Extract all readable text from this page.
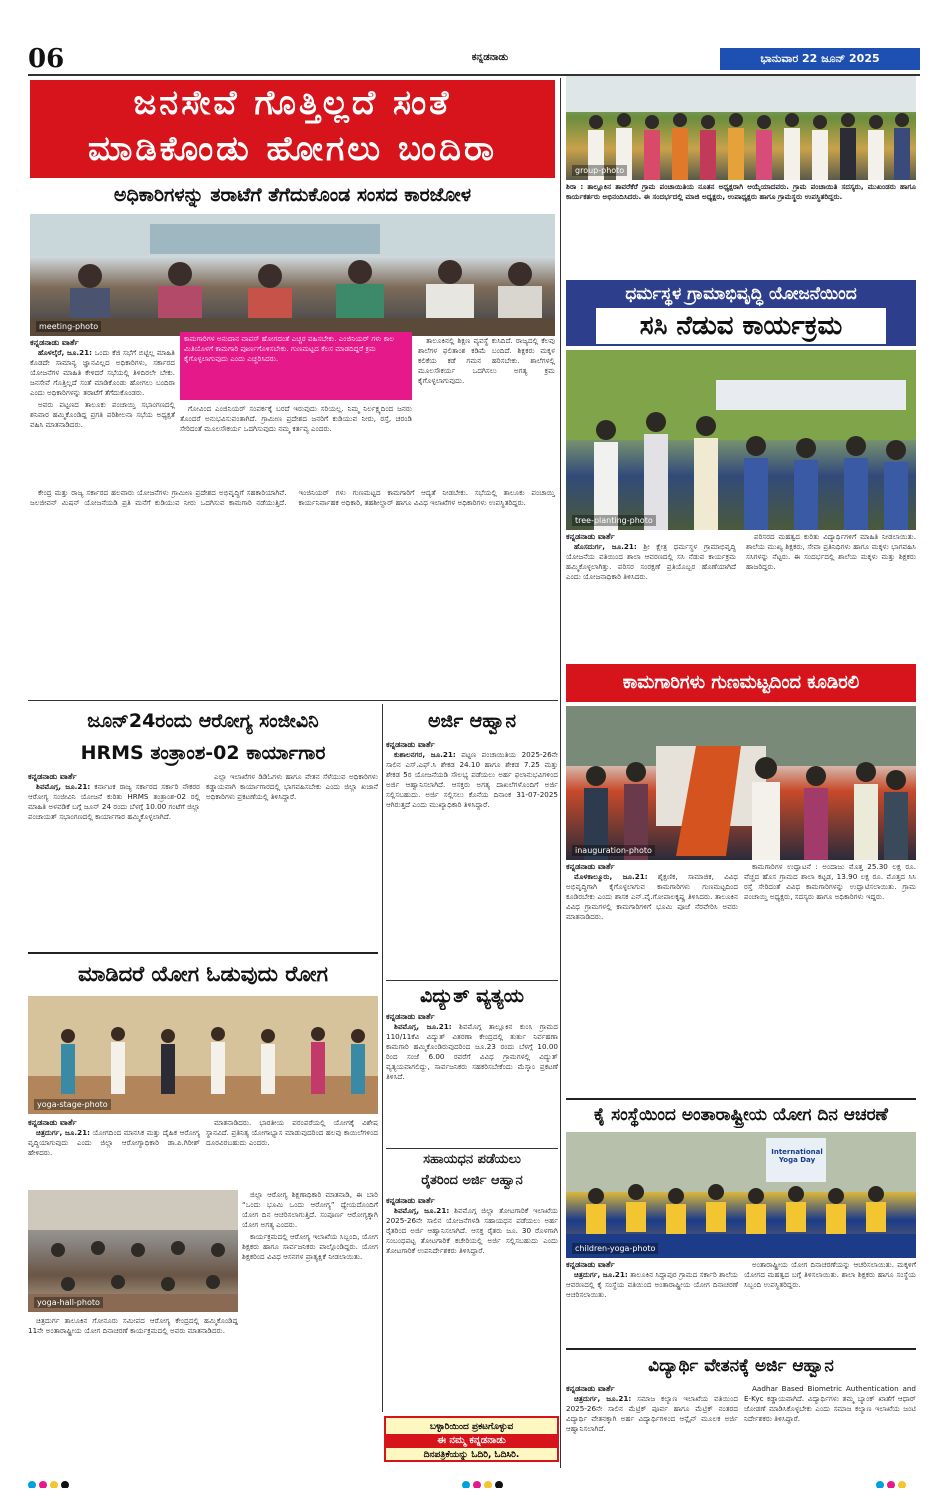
06	ಕನ್ನಡನಾಡು	ಭಾನುವಾರ 22 ಜೂನ್ 2025
ಜನಸೇವೆ ಗೊತ್ತಿಲ್ಲದೆ ಸಂತೆ
ಮಾಡಿಕೊಂಡು ಹೋಗಲು ಬಂದಿರಾ
ಅಧಿಕಾರಿಗಳನ್ನು ತರಾಟೆಗೆ ತೆಗೆದುಕೊಂಡ ಸಂಸದ ಕಾರಜೋಳ
meeting-photo
ಕನ್ನಡನಾಡು ವಾರ್ತೆ

ಹೊಳಲ್ಕೆರೆ, ಜೂ.21: ಒಂದು ಕೆಜಿ ಸಭೆಗೆ ಬಿಟ್ಟಿಲ್ಲ ಮಾಹಿತಿ ಕೊಡದೇ ಸಾಮಾನ್ಯ ಜ್ಞಾನವಿಲ್ಲದ ಅಧಿಕಾರಿಗಳು, ಸರ್ಕಾರದ ಯೋಜನೆಗಳ ಮಾಹಿತಿ ಕೇಳಿದರೆ ಸಭೆಯಲ್ಲಿ ತಿಳಿದಿರಲೇ ಬೇಕು. ಜನಸೇವೆ ಗೊತ್ತಿಲ್ಲದೆ ಸಂತೆ ಮಾಡಿಕೊಂಡು ಹೋಗಲು ಬಂದಿರಾ ಎಂದು ಅಧಿಕಾರಿಗಳನ್ನು ತರಾಟೆಗೆ ತೆಗೆದುಕೊಂಡರು.

ಅವರು ಪಟ್ಟಣದ ತಾಲೂಕು ಪಂಚಾಯ್ತಿ ಸಭಾಂಗಣದಲ್ಲಿ ಶನಿವಾರ ಹಮ್ಮಿಕೊಂಡಿದ್ದ ಪ್ರಗತಿ ಪರಿಶೀಲನಾ ಸಭೆಯ ಅಧ್ಯಕ್ಷತೆ ವಹಿಸಿ ಮಾತನಾಡಿದರು.

ಕಾಮಗಾರಿಗಳ ಅನುದಾನ ವಾಪಸ್ ಹೋಗದಂತೆ ಎಚ್ಚರ ವಹಿಸಬೇಕು. ಎಂಜಿನಿಯರ್ ಗಳು ಕಾಲ ಮಿತಿಯೊಳಗೆ ಕಾಮಗಾರಿ ಪೂರ್ಣಗೊಳಿಸಬೇಕು. ಗುಣಮಟ್ಟದ ಕೆಲಸ ಮಾಡದಿದ್ದರೆ ಕ್ರಮ ಕೈಗೊಳ್ಳಲಾಗುವುದು ಎಂದು ಎಚ್ಚರಿಸಿದರು.

ಗೋವಿಂದ ಎಂಜಿನಿಯರ್ ಸಂಪರ್ಕಕ್ಕೆ ಬರದೆ ಇರುವುದು ಸರಿಯಲ್ಲ. ನಿಮ್ಮ ನಿರ್ಲಕ್ಷ್ಯದಿಂದ ಜನರು ತೊಂದರೆ ಅನುಭವಿಸುವಂತಾಗಿದೆ. ಗ್ರಾಮೀಣ ಪ್ರದೇಶದ ಜನರಿಗೆ ಕುಡಿಯುವ ನೀರು, ರಸ್ತೆ, ಚರಂಡಿ ಸೇರಿದಂತೆ ಮೂಲಸೌಕರ್ಯ ಒದಗಿಸುವುದು ನಮ್ಮ ಕರ್ತವ್ಯ ಎಂದರು.

ತಾಲೂಕಿನಲ್ಲಿ ಶಿಕ್ಷಣ ವ್ಯವಸ್ಥೆ ಕುಸಿದಿದೆ. ರಾಜ್ಯದಲ್ಲಿ ಕೆಲವು ಶಾಲೆಗಳ ಫಲಿತಾಂಶ ಕಡಿಮೆ ಬಂದಿದೆ. ಶಿಕ್ಷಕರು ಮಕ್ಕಳ ಕಲಿಕೆಯ ಕಡೆ ಗಮನ ಹರಿಸಬೇಕು. ಶಾಲೆಗಳಲ್ಲಿ ಮೂಲಸೌಕರ್ಯ ಒದಗಿಸಲು ಅಗತ್ಯ ಕ್ರಮ ಕೈಗೊಳ್ಳಲಾಗುವುದು.

ಕೇಂದ್ರ ಮತ್ತು ರಾಜ್ಯ ಸರ್ಕಾರದ ಹಲವಾರು ಯೋಜನೆಗಳು ಗ್ರಾಮೀಣ ಪ್ರದೇಶದ ಅಭಿವೃದ್ಧಿಗೆ ಸಹಕಾರಿಯಾಗಿವೆ. ಜಲಜೀವನ್ ಮಿಷನ್ ಯೋಜನೆಯಡಿ ಪ್ರತಿ ಮನೆಗೆ ಕುಡಿಯುವ ನೀರು ಒದಗಿಸುವ ಕಾಮಗಾರಿ ನಡೆಯುತ್ತಿದೆ. ಇಂಜಿನಿಯರ್ ಗಳು ಗುಣಮಟ್ಟದ ಕಾಮಗಾರಿಗೆ ಆದ್ಯತೆ ನೀಡಬೇಕು. ಸಭೆಯಲ್ಲಿ ತಾಲೂಕು ಪಂಚಾಯ್ತಿ ಕಾರ್ಯನಿರ್ವಾಹಕ ಅಧಿಕಾರಿ, ತಹಶೀಲ್ದಾರ್ ಹಾಗೂ ವಿವಿಧ ಇಲಾಖೆಗಳ ಅಧಿಕಾರಿಗಳು ಉಪಸ್ಥಿತರಿದ್ದರು.

group-photo
ಶಿರಾ : ತಾಲ್ಲೂಕಿನ ತಾವರೆಕೆರೆ ಗ್ರಾಮ ಪಂಚಾಯಿತಿಯ ನೂತನ ಅಧ್ಯಕ್ಷರಾಗಿ ಆಯ್ಕೆಯಾದವರು. ಗ್ರಾಮ ಪಂಚಾಯಿತಿ ಸದಸ್ಯರು, ಮುಖಂಡರು ಹಾಗೂ ಕಾರ್ಯಕರ್ತರು ಅಭಿನಂದಿಸಿದರು. ಈ ಸಂದರ್ಭದಲ್ಲಿ ಮಾಜಿ ಅಧ್ಯಕ್ಷರು, ಉಪಾಧ್ಯಕ್ಷರು ಹಾಗೂ ಗ್ರಾಮಸ್ಥರು ಉಪಸ್ಥಿತರಿದ್ದರು.
ಧರ್ಮಸ್ಥಳ ಗ್ರಾಮಾಭಿವೃದ್ಧಿ ಯೋಜನೆಯಿಂದ
ಸಸಿ ನೆಡುವ ಕಾರ್ಯಕ್ರಮ
tree-planting-photo
ಕನ್ನಡನಾಡು ವಾರ್ತೆ

ಹೊಸದುರ್ಗ, ಜೂ.21: ಶ್ರೀ ಕ್ಷೇತ್ರ ಧರ್ಮಸ್ಥಳ ಗ್ರಾಮಾಭಿವೃದ್ಧಿ ಯೋಜನೆಯ ವತಿಯಿಂದ ಶಾಲಾ ಆವರಣದಲ್ಲಿ ಸಸಿ ನೆಡುವ ಕಾರ್ಯಕ್ರಮ ಹಮ್ಮಿಕೊಳ್ಳಲಾಗಿತ್ತು. ಪರಿಸರ ಸಂರಕ್ಷಣೆ ಪ್ರತಿಯೊಬ್ಬರ ಹೊಣೆಯಾಗಿದೆ ಎಂದು ಯೋಜನಾಧಿಕಾರಿ ತಿಳಿಸಿದರು.

ಪರಿಸರದ ಮಹತ್ವದ ಕುರಿತು ವಿದ್ಯಾರ್ಥಿಗಳಿಗೆ ಮಾಹಿತಿ ನೀಡಲಾಯಿತು. ಶಾಲೆಯ ಮುಖ್ಯ ಶಿಕ್ಷಕರು, ಸೇವಾ ಪ್ರತಿನಿಧಿಗಳು ಹಾಗೂ ಮಕ್ಕಳು ಭಾಗವಹಿಸಿ ಸಸಿಗಳನ್ನು ನೆಟ್ಟರು. ಈ ಸಂದರ್ಭದಲ್ಲಿ ಶಾಲೆಯ ಮಕ್ಕಳು ಮತ್ತು ಶಿಕ್ಷಕರು ಹಾಜರಿದ್ದರು.

ಕಾಮಗಾರಿಗಳು ಗುಣಮಟ್ಟದಿಂದ ಕೂಡಿರಲಿ
inauguration-photo
ಕನ್ನಡನಾಡು ವಾರ್ತೆ

ಮೊಳಕಾಲ್ಮೂರು, ಜೂ.21: ಶೈಕ್ಷಣಿಕ, ಸಾಮಾಜಿಕ, ವಿವಿಧ ಅಭಿವೃದ್ಧಿಗಾಗಿ ಕೈಗೊಳ್ಳಲಾಗುವ ಕಾಮಗಾರಿಗಳು ಗುಣಮಟ್ಟದಿಂದ ಕೂಡಿರಬೇಕು ಎಂದು ಶಾಸಕ ಎನ್.ವೈ.ಗೋಪಾಲಕೃಷ್ಣ ತಿಳಿಸಿದರು. ತಾಲೂಕಿನ ವಿವಿಧ ಗ್ರಾಮಗಳಲ್ಲಿ ಕಾಮಗಾರಿಗಳಿಗೆ ಭೂಮಿ ಪೂಜೆ ನೆರವೇರಿಸಿ ಅವರು ಮಾತನಾಡಿದರು.

ಕಾಮಗಾರಿಗಳ ಉದ್ಘಾಟನೆ : ಅಂದಾಜು ಮೊತ್ತ 25.30 ಲಕ್ಷ ರೂ. ವೆಚ್ಚದ ಹೊಸ ಗ್ರಾಮದ ಶಾಲಾ ಕಟ್ಟಡ, 13.90 ಲಕ್ಷ ರೂ. ಮೊತ್ತದ ಸಿಸಿ ರಸ್ತೆ ಸೇರಿದಂತೆ ವಿವಿಧ ಕಾಮಗಾರಿಗಳನ್ನು ಉದ್ಘಾಟಿಸಲಾಯಿತು. ಗ್ರಾಮ ಪಂಚಾಯ್ತಿ ಅಧ್ಯಕ್ಷರು, ಸದಸ್ಯರು ಹಾಗೂ ಅಧಿಕಾರಿಗಳು ಇದ್ದರು.

ಜೂನ್24ರಂದು ಆರೋಗ್ಯ ಸಂಜೀವಿನಿ
HRMS ತಂತ್ರಾಂಶ-02 ಕಾರ್ಯಾಗಾರ
ಕನ್ನಡನಾಡು ವಾರ್ತೆ

ಶಿವಮೊಗ್ಗ, ಜೂ.21: ಕರ್ನಾಟಕ ರಾಜ್ಯ ಸರ್ಕಾರದ ಸರ್ಕಾರಿ ನೌಕರರ ಆರೋಗ್ಯ ಸಂಜೀವಿನಿ ಯೋಜನೆ ಕುರಿತು HRMS ತಂತ್ರಾಂಶ-02 ರಲ್ಲಿ ಮಾಹಿತಿ ಅಳವಡಿಕೆ ಬಗ್ಗೆ ಜೂನ್ 24 ರಂದು ಬೆಳಗ್ಗೆ 10.00 ಗಂಟೆಗೆ ಜಿಲ್ಲಾ ಪಂಚಾಯತ್ ಸಭಾಂಗಣದಲ್ಲಿ ಕಾರ್ಯಾಗಾರ ಹಮ್ಮಿಕೊಳ್ಳಲಾಗಿದೆ.

ಎಲ್ಲಾ ಇಲಾಖೆಗಳ ಡಿಡಿಓಗಳು ಹಾಗೂ ವೇತನ ಸೆಳೆಯುವ ಅಧಿಕಾರಿಗಳು ಕಡ್ಡಾಯವಾಗಿ ಕಾರ್ಯಾಗಾರದಲ್ಲಿ ಭಾಗವಹಿಸಬೇಕು ಎಂದು ಜಿಲ್ಲಾ ಖಜಾನೆ ಅಧಿಕಾರಿಗಳು ಪ್ರಕಟಣೆಯಲ್ಲಿ ತಿಳಿಸಿದ್ದಾರೆ.

ಅರ್ಜಿ ಆಹ್ವಾನ
ಕನ್ನಡನಾಡು ವಾರ್ತೆ

ಕುಶಾಲನಗರ, ಜೂ.21: ಪಟ್ಟಣ ಪಂಚಾಯಿತಿಯ 2025-26ನೇ ಸಾಲಿನ ಎಸ್.ಎಫ್.ಸಿ ಶೇಕಡ 24.10 ಹಾಗೂ ಶೇಕಡ 7.25 ಮತ್ತು ಶೇಕಡ 5ರ ಯೋಜನೆಯಡಿ ಸೌಲಭ್ಯ ಪಡೆಯಲು ಅರ್ಹ ಫಲಾನುಭವಿಗಳಿಂದ ಅರ್ಜಿ ಆಹ್ವಾನಿಸಲಾಗಿದೆ. ಆಸಕ್ತರು ಅಗತ್ಯ ದಾಖಲೆಗಳೊಂದಿಗೆ ಅರ್ಜಿ ಸಲ್ಲಿಸಬಹುದು. ಅರ್ಜಿ ಸಲ್ಲಿಸಲು ಕೊನೆಯ ದಿನಾಂಕ 31-07-2025 ಆಗಿರುತ್ತದೆ ಎಂದು ಮುಖ್ಯಾಧಿಕಾರಿ ತಿಳಿಸಿದ್ದಾರೆ.

ವಿದ್ಯುತ್ ವ್ಯತ್ಯಯ
ಕನ್ನಡನಾಡು ವಾರ್ತೆ

ಶಿವಮೊಗ್ಗ, ಜೂ.21: ಶಿವಮೊಗ್ಗ ತಾಲ್ಲೂಕಿನ ಕುಂಸಿ ಗ್ರಾಮದ 110/11ಕೆವಿ ವಿದ್ಯುತ್ ವಿತರಣಾ ಕೇಂದ್ರದಲ್ಲಿ ತುರ್ತು ನಿರ್ವಹಣಾ ಕಾಮಗಾರಿ ಹಮ್ಮಿಕೊಂಡಿರುವುದರಿಂದ ಜೂ.23 ರಂದು ಬೆಳಗ್ಗೆ 10.00 ರಿಂದ ಸಂಜೆ 6.00 ರವರೆಗೆ ವಿವಿಧ ಗ್ರಾಮಗಳಲ್ಲಿ ವಿದ್ಯುತ್ ವ್ಯತ್ಯಯವಾಗಲಿದ್ದು, ಸಾರ್ವಜನಿಕರು ಸಹಕರಿಸಬೇಕೆಂದು ಮೆಸ್ಕಾಂ ಪ್ರಕಟಣೆ ತಿಳಿಸಿದೆ.

ಸಹಾಯಧನ ಪಡೆಯಲು
ರೈತರಿಂದ ಅರ್ಜಿ ಆಹ್ವಾನ
ಕನ್ನಡನಾಡು ವಾರ್ತೆ

ಶಿವಮೊಗ್ಗ, ಜೂ.21: ಶಿವಮೊಗ್ಗ ಜಿಲ್ಲಾ ತೋಟಗಾರಿಕೆ ಇಲಾಖೆಯ 2025-26ನೇ ಸಾಲಿನ ಯೋಜನೆಗಳಡಿ ಸಹಾಯಧನ ಪಡೆಯಲು ಅರ್ಹ ರೈತರಿಂದ ಅರ್ಜಿ ಆಹ್ವಾನಿಸಲಾಗಿದೆ. ಆಸಕ್ತ ರೈತರು ಜೂ. 30 ರೊಳಗಾಗಿ ಸಂಬಂಧಪಟ್ಟ ತೋಟಗಾರಿಕೆ ಕಚೇರಿಯಲ್ಲಿ ಅರ್ಜಿ ಸಲ್ಲಿಸಬಹುದು ಎಂದು ತೋಟಗಾರಿಕೆ ಉಪನಿರ್ದೇಶಕರು ತಿಳಿಸಿದ್ದಾರೆ.

ಬಳ್ಳಾರಿಯಿಂದ ಪ್ರಕಟಗೊಳ್ಳುವ
ಈ ನಮ್ಮ ಕನ್ನಡನಾಡು
ದಿನಪತ್ರಿಕೆಯನ್ನು ಓದಿರಿ, ಓದಿಸಿರಿ.
ಮಾಡಿದರೆ ಯೋಗ ಓಡುವುದು ರೋಗ
yoga-stage-photo
ಕನ್ನಡನಾಡು ವಾರ್ತೆ

ಚಿತ್ರದುರ್ಗ, ಜೂ.21: ಯೋಗದಿಂದ ಮಾನಸಿಕ ಮತ್ತು ದೈಹಿಕ ಆರೋಗ್ಯ ವೃದ್ಧಿಯಾಗುವುದು ಎಂದು ಜಿಲ್ಲಾ ಆರೋಗ್ಯಾಧಿಕಾರಿ ಡಾ.ಪಿ.ಗಿರೀಶ್ ಹೇಳಿದರು.

ಮಾತನಾಡಿದರು. ಭಾರತೀಯ ಪರಂಪರೆಯಲ್ಲಿ ಯೋಗಕ್ಕೆ ವಿಶೇಷ ಸ್ಥಾನವಿದೆ. ಪ್ರತಿನಿತ್ಯ ಯೋಗಾಭ್ಯಾಸ ಮಾಡುವುದರಿಂದ ಹಲವು ಕಾಯಿಲೆಗಳಿಂದ ದೂರವಿರಬಹುದು ಎಂದರು.

yoga-hall-photo

ಜಿಲ್ಲಾ ಆರೋಗ್ಯ ಶಿಕ್ಷಣಾಧಿಕಾರಿ ಮಾತನಾಡಿ, ಈ ಬಾರಿ “ಒಂದು ಭೂಮಿ ಒಂದು ಆರೋಗ್ಯ” ಧ್ಯೇಯದೊಂದಿಗೆ ಯೋಗ ದಿನ ಆಚರಿಸಲಾಗುತ್ತಿದೆ. ಸಂಪೂರ್ಣ ಆರೋಗ್ಯಕ್ಕಾಗಿ ಯೋಗ ಅಗತ್ಯ ಎಂದರು.

ಕಾರ್ಯಕ್ರಮದಲ್ಲಿ ಆರೋಗ್ಯ ಇಲಾಖೆಯ ಸಿಬ್ಬಂದಿ, ಯೋಗ ಶಿಕ್ಷಕರು ಹಾಗೂ ಸಾರ್ವಜನಿಕರು ಪಾಲ್ಗೊಂಡಿದ್ದರು. ಯೋಗ ಶಿಕ್ಷಕರಿಂದ ವಿವಿಧ ಆಸನಗಳ ಪ್ರಾತ್ಯಕ್ಷಿಕೆ ನೀಡಲಾಯಿತು.

ಚಿತ್ರದುರ್ಗ ತಾಲೂಕಿನ ಗೋನೂರು ಸಮೀಪದ ಆರೋಗ್ಯ ಕೇಂದ್ರದಲ್ಲಿ ಹಮ್ಮಿಕೊಂಡಿದ್ದ 11ನೇ ಅಂತಾರಾಷ್ಟ್ರೀಯ ಯೋಗ ದಿನಾಚರಣೆ ಕಾರ್ಯಕ್ರಮದಲ್ಲಿ ಅವರು ಮಾತನಾಡಿದರು.

ಕೈ ಸಂಸ್ಥೆಯಿಂದ ಅಂತಾರಾಷ್ಟ್ರೀಯ ಯೋಗ ದಿನ ಆಚರಣೆ
International Yoga Day
children-yoga-photo
ಕನ್ನಡನಾಡು ವಾರ್ತೆ

ಚಿತ್ರದುರ್ಗ, ಜೂ.21: ತಾಲೂಕಿನ ಸಿದ್ದಾಪುರ ಗ್ರಾಮದ ಸರ್ಕಾರಿ ಶಾಲೆಯ ಆವರಣದಲ್ಲಿ ಕೈ ಸಂಸ್ಥೆಯ ವತಿಯಿಂದ ಅಂತಾರಾಷ್ಟ್ರೀಯ ಯೋಗ ದಿನಾಚರಣೆ ಆಚರಿಸಲಾಯಿತು.

ಅಂತಾರಾಷ್ಟ್ರೀಯ ಯೋಗ ದಿನಾಚರಣೆಯನ್ನು ಆಚರಿಸಲಾಯಿತು. ಮಕ್ಕಳಿಗೆ ಯೋಗದ ಮಹತ್ವದ ಬಗ್ಗೆ ತಿಳಿಸಲಾಯಿತು. ಶಾಲಾ ಶಿಕ್ಷಕರು ಹಾಗೂ ಸಂಸ್ಥೆಯ ಸಿಬ್ಬಂದಿ ಉಪಸ್ಥಿತರಿದ್ದರು.

ವಿದ್ಯಾರ್ಥಿ ವೇತನಕ್ಕೆ ಅರ್ಜಿ ಆಹ್ವಾನ
ಕನ್ನಡನಾಡು ವಾರ್ತೆ

ಚಿತ್ರದುರ್ಗ, ಜೂ.21: ಸಮಾಜ ಕಲ್ಯಾಣ ಇಲಾಖೆಯ ವತಿಯಿಂದ 2025-26ನೇ ಸಾಲಿನ ಮೆಟ್ರಿಕ್ ಪೂರ್ವ ಹಾಗೂ ಮೆಟ್ರಿಕ್ ನಂತರದ ವಿದ್ಯಾರ್ಥಿ ವೇತನಕ್ಕಾಗಿ ಅರ್ಹ ವಿದ್ಯಾರ್ಥಿಗಳಿಂದ ಆನ್ಲೈನ್ ಮೂಲಕ ಅರ್ಜಿ ಆಹ್ವಾನಿಸಲಾಗಿದೆ.

Aadhar Based Biometric Authentication and E-Kyc ಕಡ್ಡಾಯವಾಗಿದೆ. ವಿದ್ಯಾರ್ಥಿಗಳು ತಮ್ಮ ಬ್ಯಾಂಕ್ ಖಾತೆಗೆ ಆಧಾರ್ ಜೋಡಣೆ ಮಾಡಿಸಿಕೊಳ್ಳಬೇಕು ಎಂದು ಸಮಾಜ ಕಲ್ಯಾಣ ಇಲಾಖೆಯ ಜಂಟಿ ನಿರ್ದೇಶಕರು ತಿಳಿಸಿದ್ದಾರೆ.
